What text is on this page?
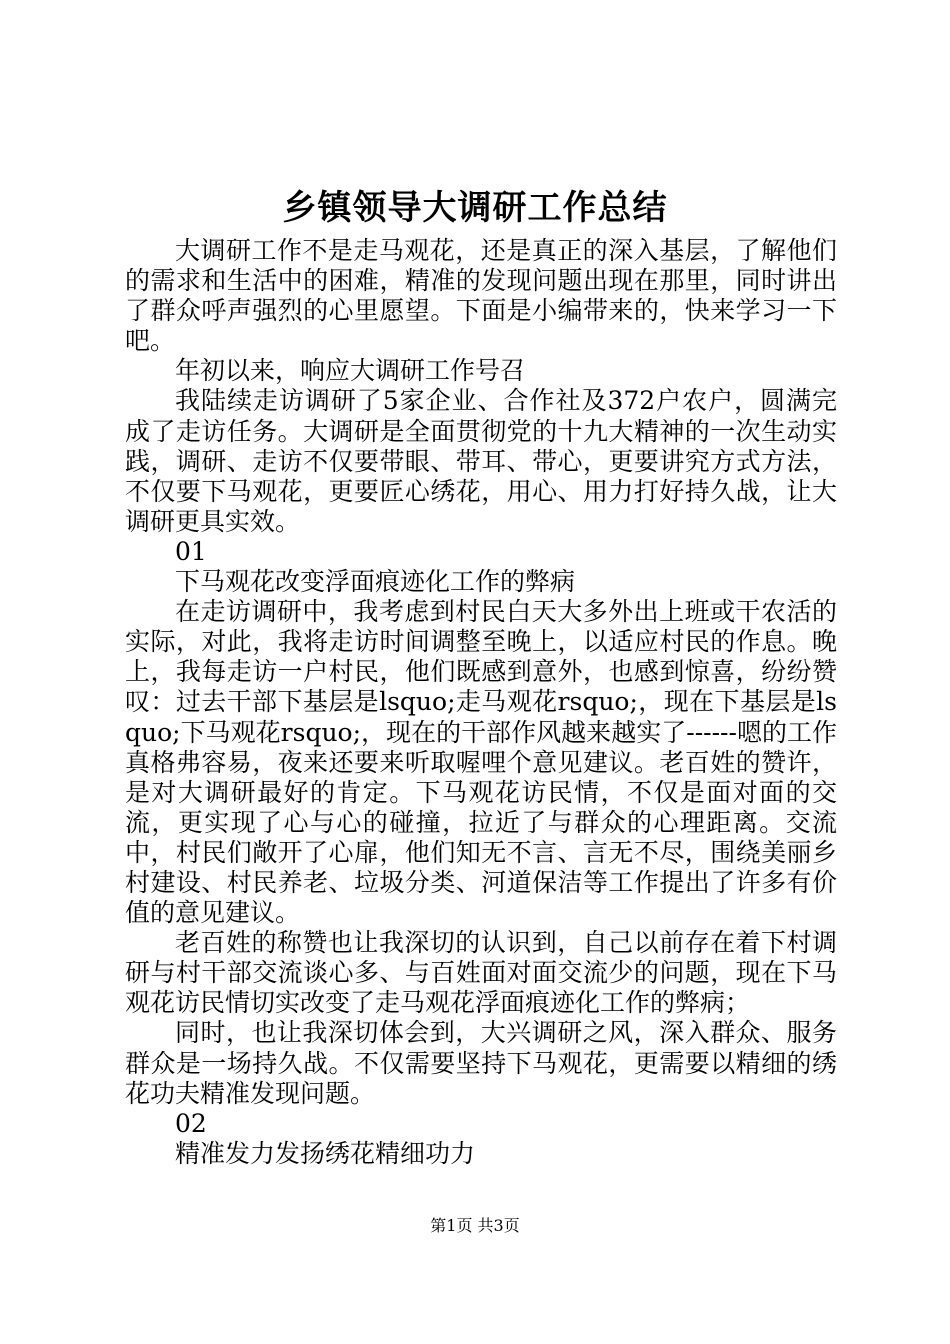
乡镇领导大调研工作总结

大调研工作不是走马观花，还是真正的深入基层，了解他们的需求和生活中的困难，精准的发现问题出现在那里，同时讲出了群众呼声强烈的心里愿望。下面是小编带来的，快来学习一下吧。

年初以来，响应大调研工作号召

我陆续走访调研了5家企业、合作社及372户农户，圆满完成了走访任务。大调研是全面贯彻党的十九大精神的一次生动实践，调研、走访不仅要带眼、带耳、带心，更要讲究方式方法，不仅要下马观花，更要匠心绣花，用心、用力打好持久战，让大调研更具实效。

01

下马观花改变浮面痕迹化工作的弊病

在走访调研中，我考虑到村民白天大多外出上班或干农活的实际，对此，我将走访时间调整至晚上，以适应村民的作息。晚上，我每走访一户村民，他们既感到意外，也感到惊喜，纷纷赞叹：过去干部下基层是lsquo;走马观花rsquo;，现在下基层是lsquo;下马观花rsquo;，现在的干部作风越来越实了------嗯的工作真格弗容易，夜来还要来听取喔哩个意见建议。老百姓的赞许，是对大调研最好的肯定。下马观花访民情，不仅是面对面的交流，更实现了心与心的碰撞，拉近了与群众的心理距离。交流中，村民们敞开了心扉，他们知无不言、言无不尽，围绕美丽乡村建设、村民养老、垃圾分类、河道保洁等工作提出了许多有价值的意见建议。

老百姓的称赞也让我深切的认识到，自己以前存在着下村调研与村干部交流谈心多、与百姓面对面交流少的问题，现在下马观花访民情切实改变了走马观花浮面痕迹化工作的弊病；

同时，也让我深切体会到，大兴调研之风，深入群众、服务群众是一场持久战。不仅需要坚持下马观花，更需要以精细的绣花功夫精准发现问题。

02

精准发力发扬绣花精细功力

第1页 共3页
